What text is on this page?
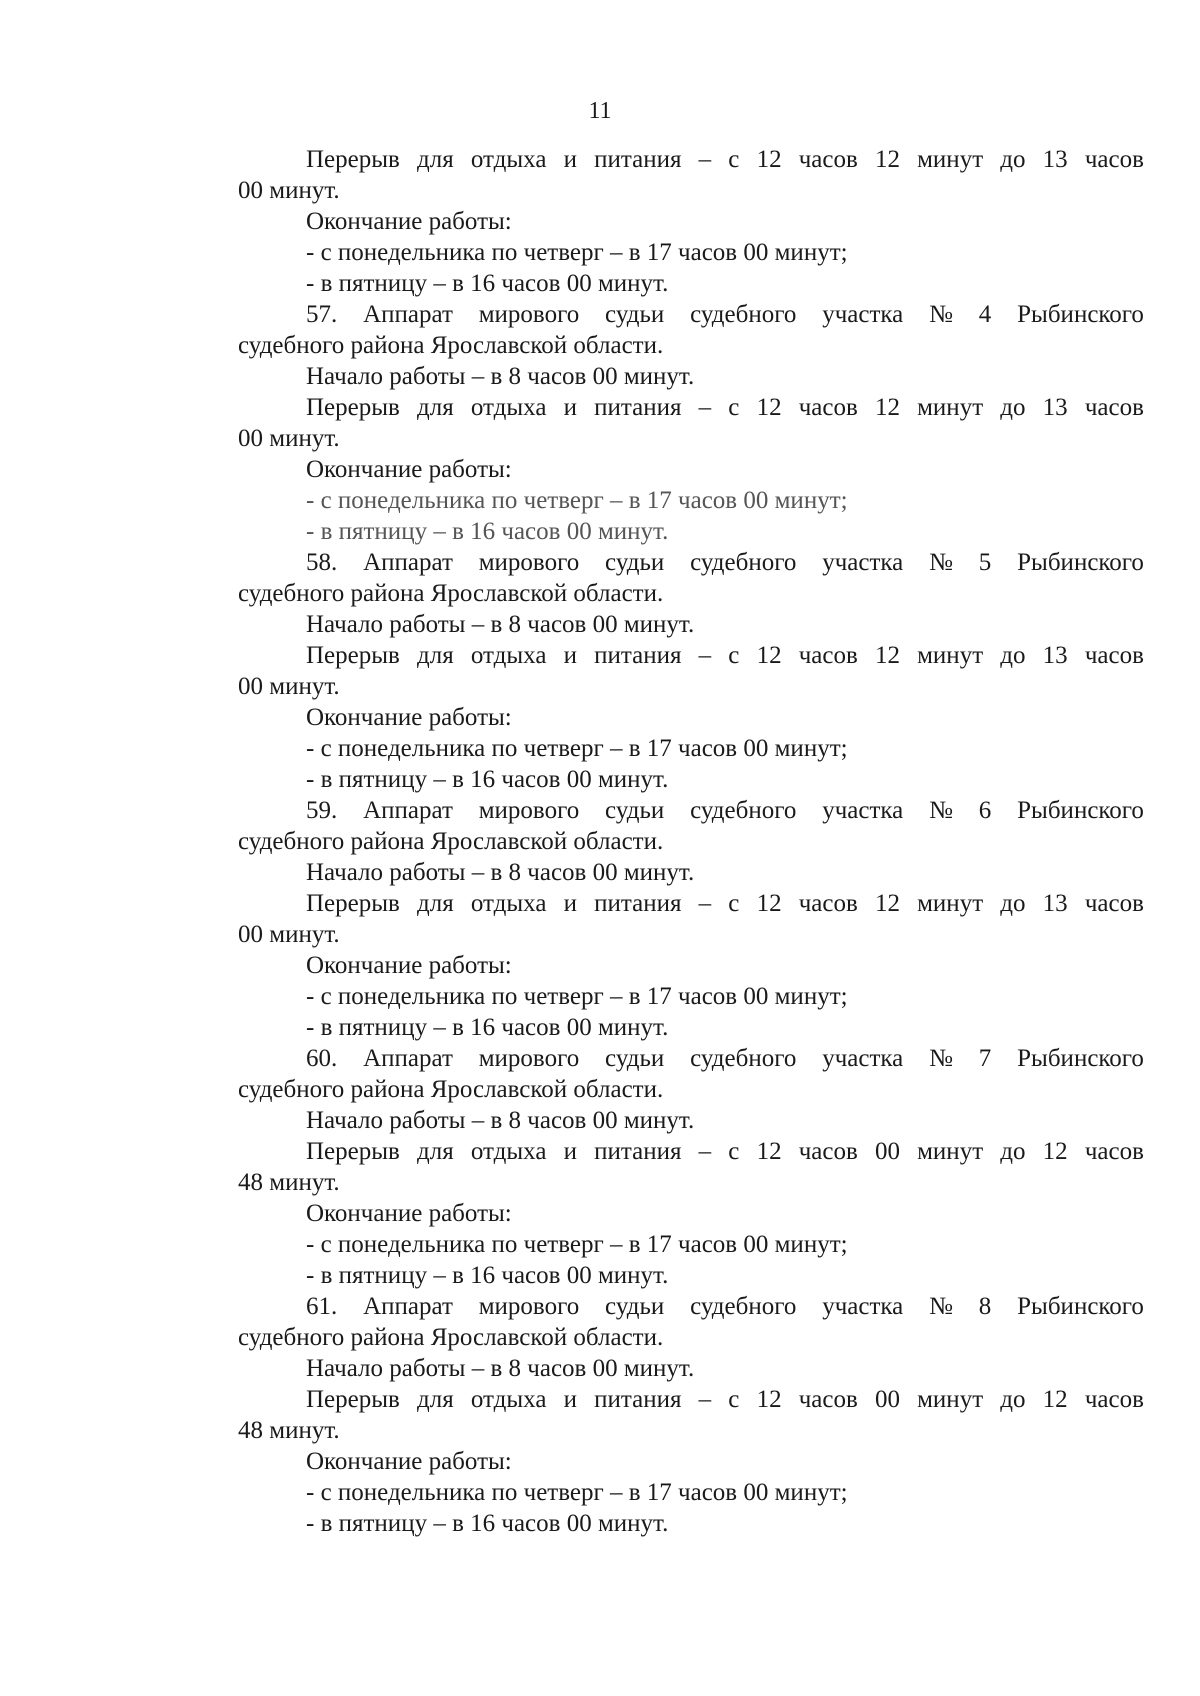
11

Перерыв для отдыха и питания – с 12 часов 12 минут до 13 часов

00 минут.

Окончание работы:

- с понедельника по четверг – в 17 часов 00 минут;

- в пятницу – в 16 часов 00 минут.

57. Аппарат мирового судьи судебного участка № 4 Рыбинского

судебного района Ярославской области.

Начало работы – в 8 часов 00 минут.

Перерыв для отдыха и питания – с 12 часов 12 минут до 13 часов

00 минут.

Окончание работы:

- с понедельника по четверг – в 17 часов 00 минут;

- в пятницу – в 16 часов 00 минут.

58. Аппарат мирового судьи судебного участка № 5 Рыбинского

судебного района Ярославской области.

Начало работы – в 8 часов 00 минут.

Перерыв для отдыха и питания – с 12 часов 12 минут до 13 часов

00 минут.

Окончание работы:

- с понедельника по четверг – в 17 часов 00 минут;

- в пятницу – в 16 часов 00 минут.

59. Аппарат мирового судьи судебного участка № 6 Рыбинского

судебного района Ярославской области.

Начало работы – в 8 часов 00 минут.

Перерыв для отдыха и питания – с 12 часов 12 минут до 13 часов

00 минут.

Окончание работы:

- с понедельника по четверг – в 17 часов 00 минут;

- в пятницу – в 16 часов 00 минут.

60. Аппарат мирового судьи судебного участка № 7 Рыбинского

судебного района Ярославской области.

Начало работы – в 8 часов 00 минут.

Перерыв для отдыха и питания – с 12 часов 00 минут до 12 часов

48 минут.

Окончание работы:

- с понедельника по четверг – в 17 часов 00 минут;

- в пятницу – в 16 часов 00 минут.

61. Аппарат мирового судьи судебного участка № 8 Рыбинского

судебного района Ярославской области.

Начало работы – в 8 часов 00 минут.

Перерыв для отдыха и питания – с 12 часов 00 минут до 12 часов

48 минут.

Окончание работы:

- с понедельника по четверг – в 17 часов 00 минут;

- в пятницу – в 16 часов 00 минут.
